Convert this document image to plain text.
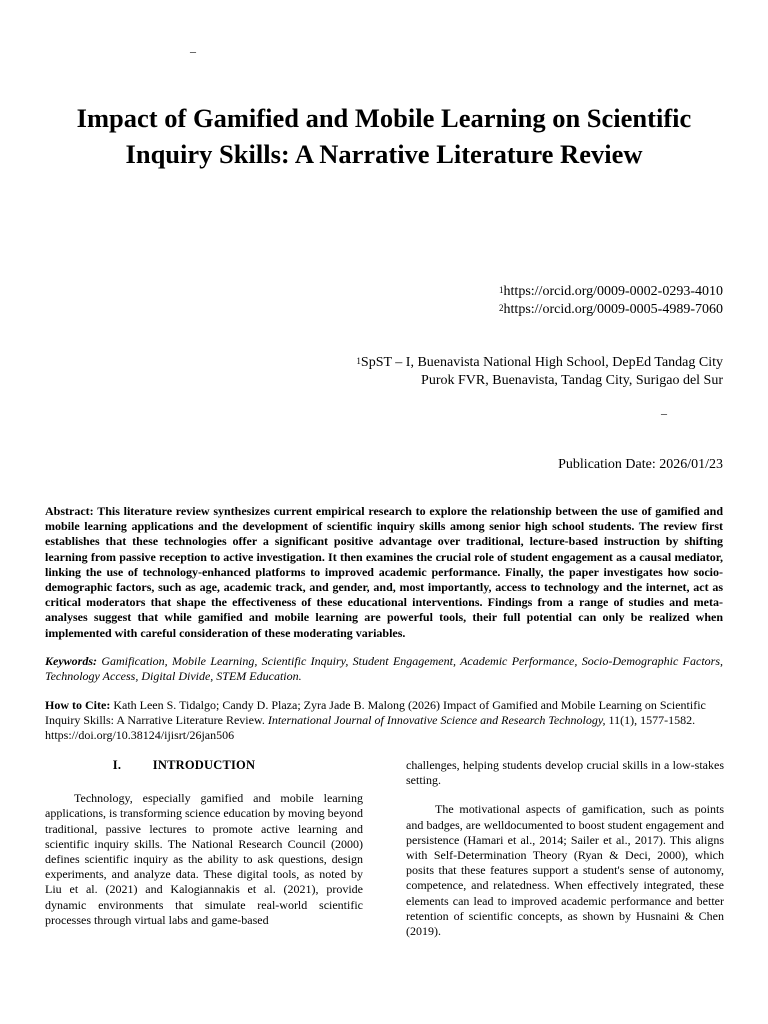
–
Impact of Gamified and Mobile Learning on Scientific Inquiry Skills: A Narrative Literature Review
$^1$https://orcid.org/0009-0002-0293-4010
$^2$https://orcid.org/0009-0005-4989-7060
$^1$SpST – I, Buenavista National High School, DepEd Tandag City
Purok FVR, Buenavista, Tandag City, Surigao del Sur
–
Publication Date: 2026/01/23
Abstract: This literature review synthesizes current empirical research to explore the relationship between the use of gamified and mobile learning applications and the development of scientific inquiry skills among senior high school students. The review first establishes that these technologies offer a significant positive advantage over traditional, lecture-based instruction by shifting learning from passive reception to active investigation. It then examines the crucial role of student engagement as a causal mediator, linking the use of technology-enhanced platforms to improved academic performance. Finally, the paper investigates how socio-demographic factors, such as age, academic track, and gender, and, most importantly, access to technology and the internet, act as critical moderators that shape the effectiveness of these educational interventions. Findings from a range of studies and meta-analyses suggest that while gamified and mobile learning are powerful tools, their full potential can only be realized when implemented with careful consideration of these moderating variables.
Keywords: Gamification, Mobile Learning, Scientific Inquiry, Student Engagement, Academic Performance, Socio-Demographic Factors, Technology Access, Digital Divide, STEM Education.
How to Cite: Kath Leen S. Tidalgo; Candy D. Plaza; Zyra Jade B. Malong (2026) Impact of Gamified and Mobile Learning on Scientific Inquiry Skills: A Narrative Literature Review. International Journal of Innovative Science and Research Technology, 11(1), 1577-1582. https://doi.org/10.38124/ijisrt/26jan506
I.	INTRODUCTION

Technology, especially gamified and mobile learning applications, is transforming science education by moving beyond traditional, passive lectures to promote active learning and scientific inquiry skills. The National Research Council (2000) defines scientific inquiry as the ability to ask questions, design experiments, and analyze data. These digital tools, as noted by Liu et al. (2021) and Kalogiannakis et al. (2021), provide dynamic environments that simulate real-world scientific processes through virtual labs and game-based

challenges, helping students develop crucial skills in a low-stakes setting.

The motivational aspects of gamification, such as points and badges, are welldocumented to boost student engagement and persistence (Hamari et al., 2014; Sailer et al., 2017). This aligns with Self-Determination Theory (Ryan & Deci, 2000), which posits that these features support a student's sense of autonomy, competence, and relatedness. When effectively integrated, these elements can lead to improved academic performance and better retention of scientific concepts, as shown by Husnaini & Chen (2019).
